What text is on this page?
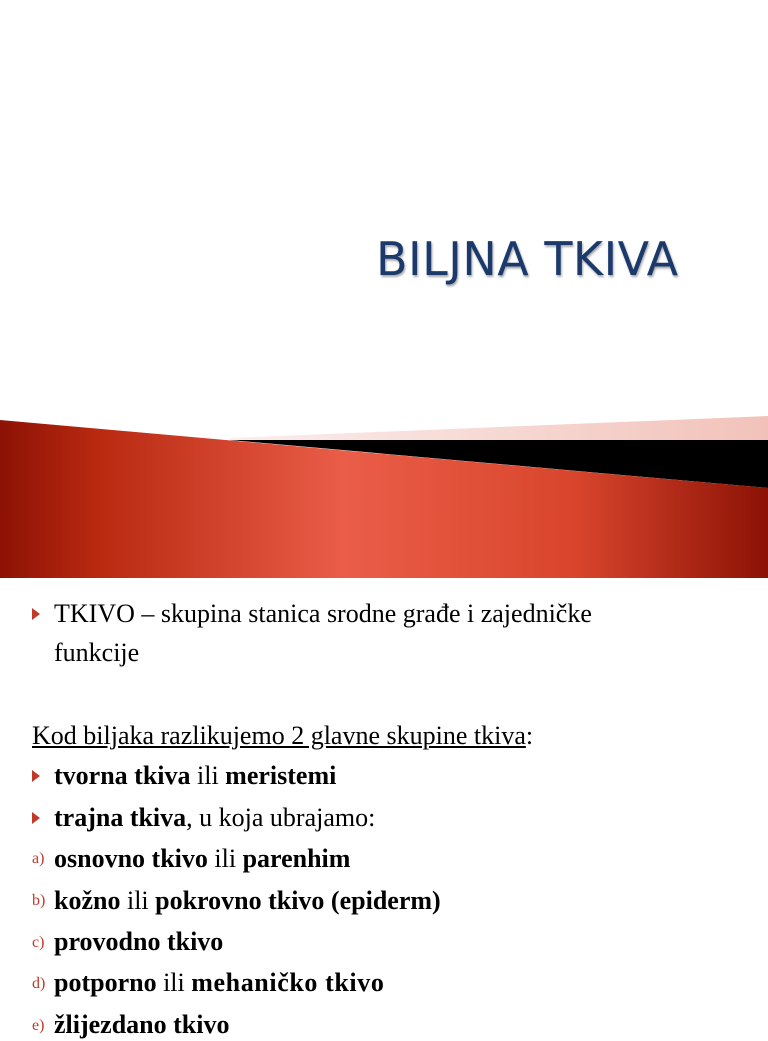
BILJNA TKIVA
TKIVO – skupina stanica srodne građe i zajedničke
funkcije
Kod biljaka razlikujemo 2 glavne skupine tkiva:
tvorna tkiva ili meristemi
trajna tkiva, u koja ubrajamo:
a) osnovno tkivo ili parenhim
b) kožno ili pokrovno tkivo (epiderm)
c) provodno tkivo
d) potporno ili mehaničko tkivo
e) žlijezdano tkivo
